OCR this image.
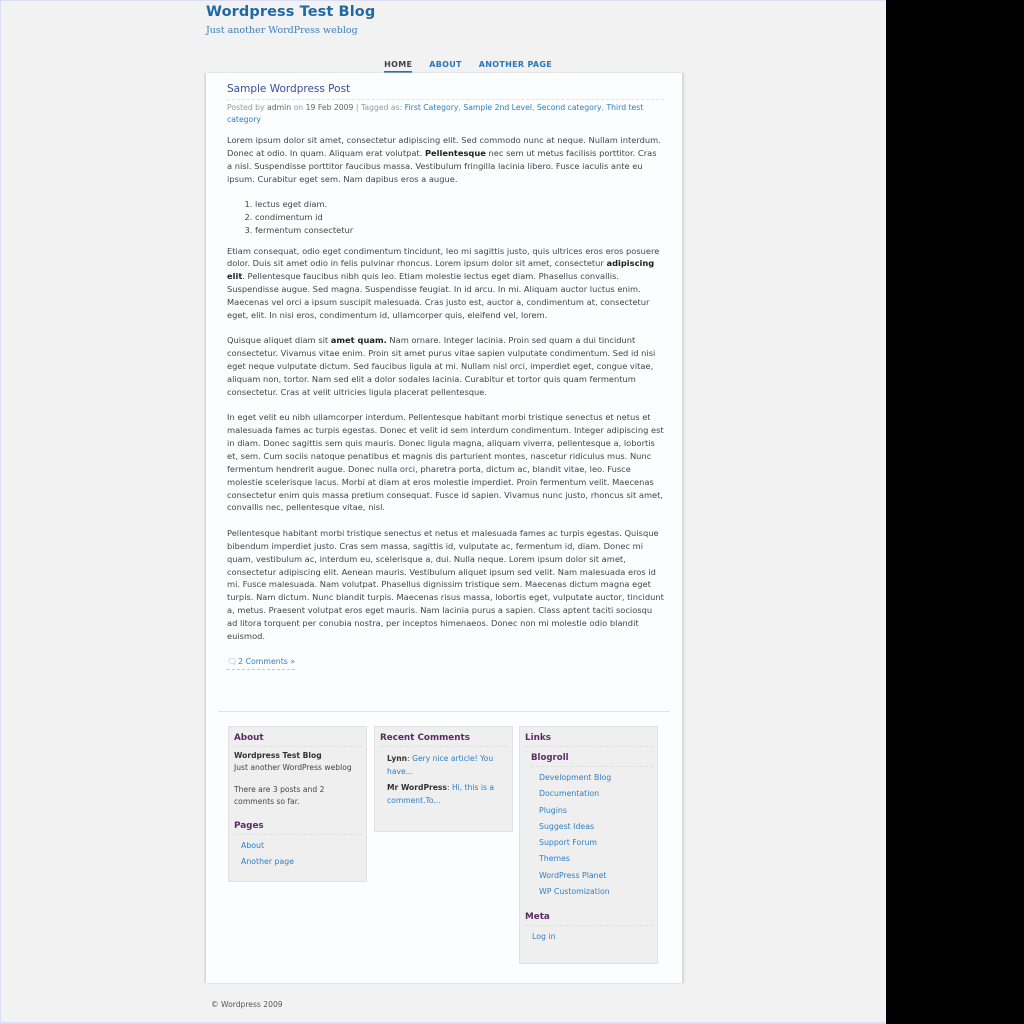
Wordpress Test Blog
Just another WordPress weblog
HOME ABOUT ANOTHER PAGE
Sample Wordpress Post
Posted by admin on 19 Feb 2009 | Tagged as: First Category, Sample 2nd Level, Second category, Third test category

Lorem ipsum dolor sit amet, consectetur adipiscing elit. Sed commodo nunc at neque. Nullam interdum. Donec at odio. In quam. Aliquam erat volutpat. Pellentesque nec sem ut metus facilisis porttitor. Cras a nisl. Suspendisse porttitor faucibus massa. Vestibulum fringilla lacinia libero. Fusce iaculis ante eu ipsum. Curabitur eget sem. Nam dapibus eros a augue.

1. lectus eget diam.
2. condimentum id
3. fermentum consectetur

Etiam consequat, odio eget condimentum tincidunt, leo mi sagittis justo, quis ultrices eros eros posuere dolor. Duis sit amet odio in felis pulvinar rhoncus. Lorem ipsum dolor sit amet, consectetur adipiscing elit. Pellentesque faucibus nibh quis leo. Etiam molestie lectus eget diam. Phasellus convallis. Suspendisse augue. Sed magna. Suspendisse feugiat. In id arcu. In mi. Aliquam auctor luctus enim. Maecenas vel orci a ipsum suscipit malesuada. Cras justo est, auctor a, condimentum at, consectetur eget, elit. In nisi eros, condimentum id, ullamcorper quis, eleifend vel, lorem.

Quisque aliquet diam sit amet quam. Nam ornare. Integer lacinia. Proin sed quam a dui tincidunt consectetur. Vivamus vitae enim. Proin sit amet purus vitae sapien vulputate condimentum. Sed id nisi eget neque vulputate dictum. Sed faucibus ligula at mi. Nullam nisl orci, imperdiet eget, congue vitae, aliquam non, tortor. Nam sed elit a dolor sodales lacinia. Curabitur et tortor quis quam fermentum consectetur. Cras at velit ultricies ligula placerat pellentesque.

In eget velit eu nibh ullamcorper interdum. Pellentesque habitant morbi tristique senectus et netus et malesuada fames ac turpis egestas. Donec et velit id sem interdum condimentum. Integer adipiscing est in diam. Donec sagittis sem quis mauris. Donec ligula magna, aliquam viverra, pellentesque a, lobortis et, sem. Cum sociis natoque penatibus et magnis dis parturient montes, nascetur ridiculus mus. Nunc fermentum hendrerit augue. Donec nulla orci, pharetra porta, dictum ac, blandit vitae, leo. Fusce molestie scelerisque lacus. Morbi at diam at eros molestie imperdiet. Proin fermentum velit. Maecenas consectetur enim quis massa pretium consequat. Fusce id sapien. Vivamus nunc justo, rhoncus sit amet, convallis nec, pellentesque vitae, nisl.

Pellentesque habitant morbi tristique senectus et netus et malesuada fames ac turpis egestas. Quisque bibendum imperdiet justo. Cras sem massa, sagittis id, vulputate ac, fermentum id, diam. Donec mi quam, vestibulum ac, interdum eu, scelerisque a, dui. Nulla neque. Lorem ipsum dolor sit amet, consectetur adipiscing elit. Aenean mauris. Vestibulum aliquet ipsum sed velit. Nam malesuada eros id mi. Fusce malesuada. Nam volutpat. Phasellus dignissim tristique sem. Maecenas dictum magna eget turpis. Nam dictum. Nunc blandit turpis. Maecenas risus massa, lobortis eget, vulputate auctor, tincidunt a, metus. Praesent volutpat eros eget mauris. Nam lacinia purus a sapien. Class aptent taciti sociosqu ad litora torquent per conubia nostra, per inceptos himenaeos. Donec non mi molestie odio blandit euismod.

🗨︎ 2 Comments »
About
Wordpress Test Blog
Just another WordPress weblog
There are 3 posts and 2 comments so far.
Pages
About
Another page
Recent Comments
Lynn: Gery nice article! You have...
Mr WordPress: Hi, this is a comment.To...
Links
Blogroll
Development Blog
Documentation
Plugins
Suggest Ideas
Support Forum
Themes
WordPress Planet
WP Customization
Meta
Log in
© Wordpress 2009
